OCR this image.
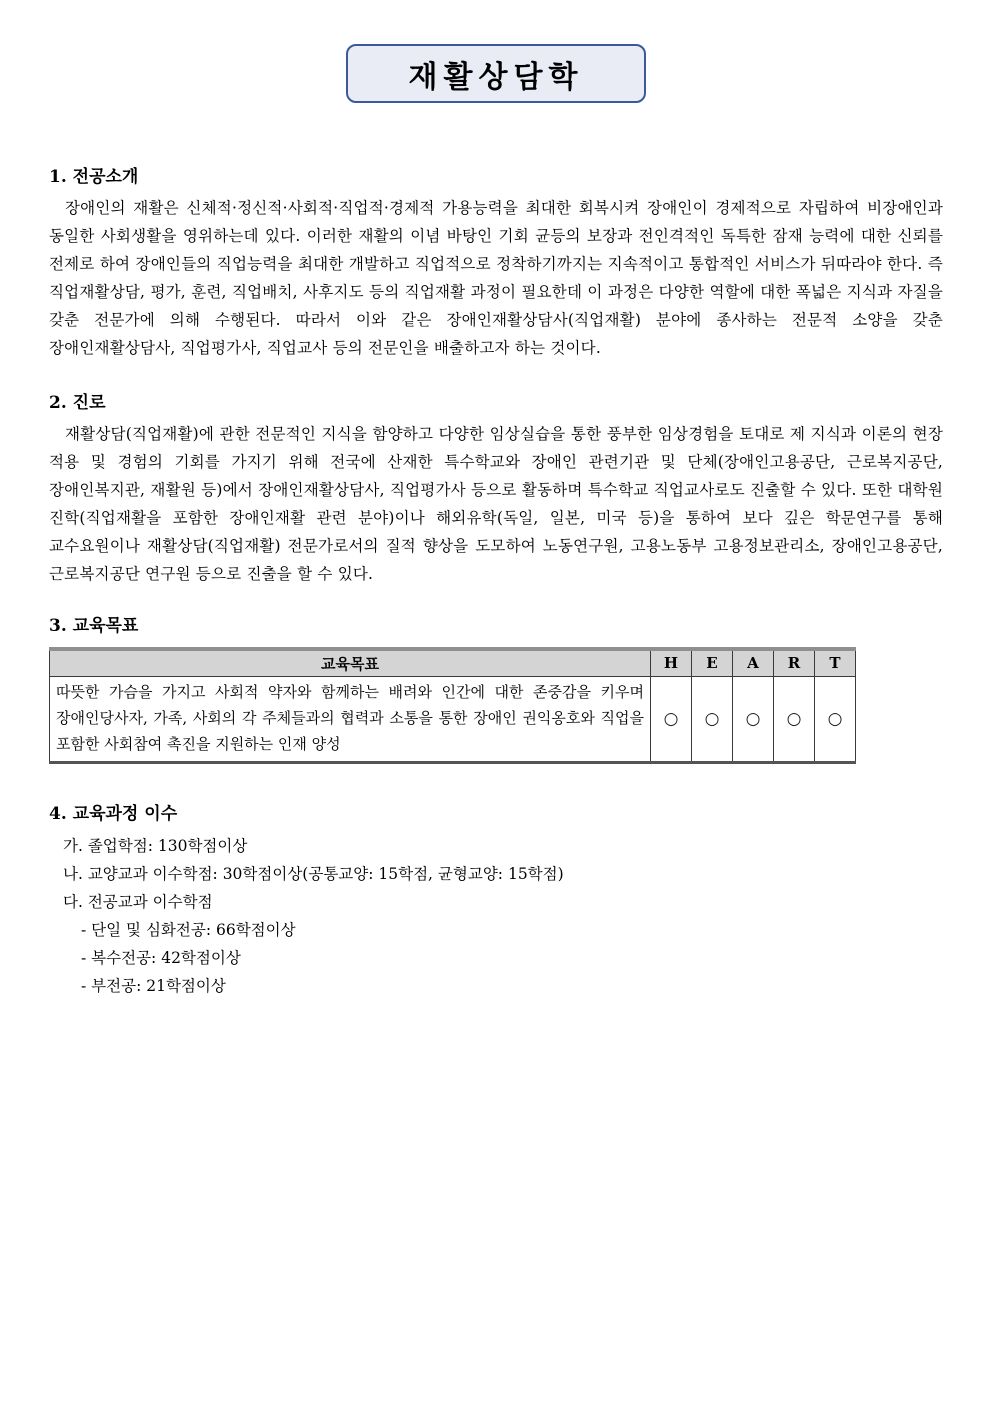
재활상담학
1. 전공소개

장애인의 재활은 신체적·정신적·사회적·직업적·경제적 가용능력을 최대한 회복시켜 장애인이 경제적으로 자립하여 비장애인과 동일한 사회생활을 영위하는데 있다. 이러한 재활의 이념 바탕인 기회 균등의 보장과 전인격적인 독특한 잠재 능력에 대한 신뢰를 전제로 하여 장애인들의 직업능력을 최대한 개발하고 직업적으로 정착하기까지는 지속적이고 통합적인 서비스가 뒤따라야 한다. 즉 직업재활상담, 평가, 훈련, 직업배치, 사후지도 등의 직업재활 과정이 필요한데 이 과정은 다양한 역할에 대한 폭넓은 지식과 자질을 갖춘 전문가에 의해 수행된다. 따라서 이와 같은 장애인재활상담사(직업재활) 분야에 종사하는 전문적 소양을 갖춘 장애인재활상담사, 직업평가사, 직업교사 등의 전문인을 배출하고자 하는 것이다.

2. 진로

재활상담(직업재활)에 관한 전문적인 지식을 함양하고 다양한 임상실습을 통한 풍부한 임상경험을 토대로 제 지식과 이론의 현장 적용 및 경험의 기회를 가지기 위해 전국에 산재한 특수학교와 장애인 관련기관 및 단체(장애인고용공단, 근로복지공단, 장애인복지관, 재활원 등)에서 장애인재활상담사, 직업평가사 등으로 활동하며 특수학교 직업교사로도 진출할 수 있다. 또한 대학원 진학(직업재활을 포함한 장애인재활 관련 분야)이나 해외유학(독일, 일본, 미국 등)을 통하여 보다 깊은 학문연구를 통해 교수요원이나 재활상담(직업재활) 전문가로서의 질적 향상을 도모하여 노동연구원, 고용노동부 고용정보관리소, 장애인고용공단, 근로복지공단 연구원 등으로 진출을 할 수 있다.

3. 교육목표
교육목표	H	E	A	R	T
따뜻한 가슴을 가지고 사회적 약자와 함께하는 배려와 인간에 대한 존중감을 키우며 장애인당사자, 가족, 사회의 각 주체들과의 협력과 소통을 통한 장애인 권익옹호와 직업을 포함한 사회참여 촉진을 지원하는 인재 양성	○	○	○	○	○
4. 교육과정 이수
가. 졸업학점: 130학점이상
나. 교양교과 이수학점: 30학점이상(공통교양: 15학점, 균형교양: 15학점)
다. 전공교과 이수학점
- 단일 및 심화전공: 66학점이상
- 복수전공: 42학점이상
- 부전공: 21학점이상
